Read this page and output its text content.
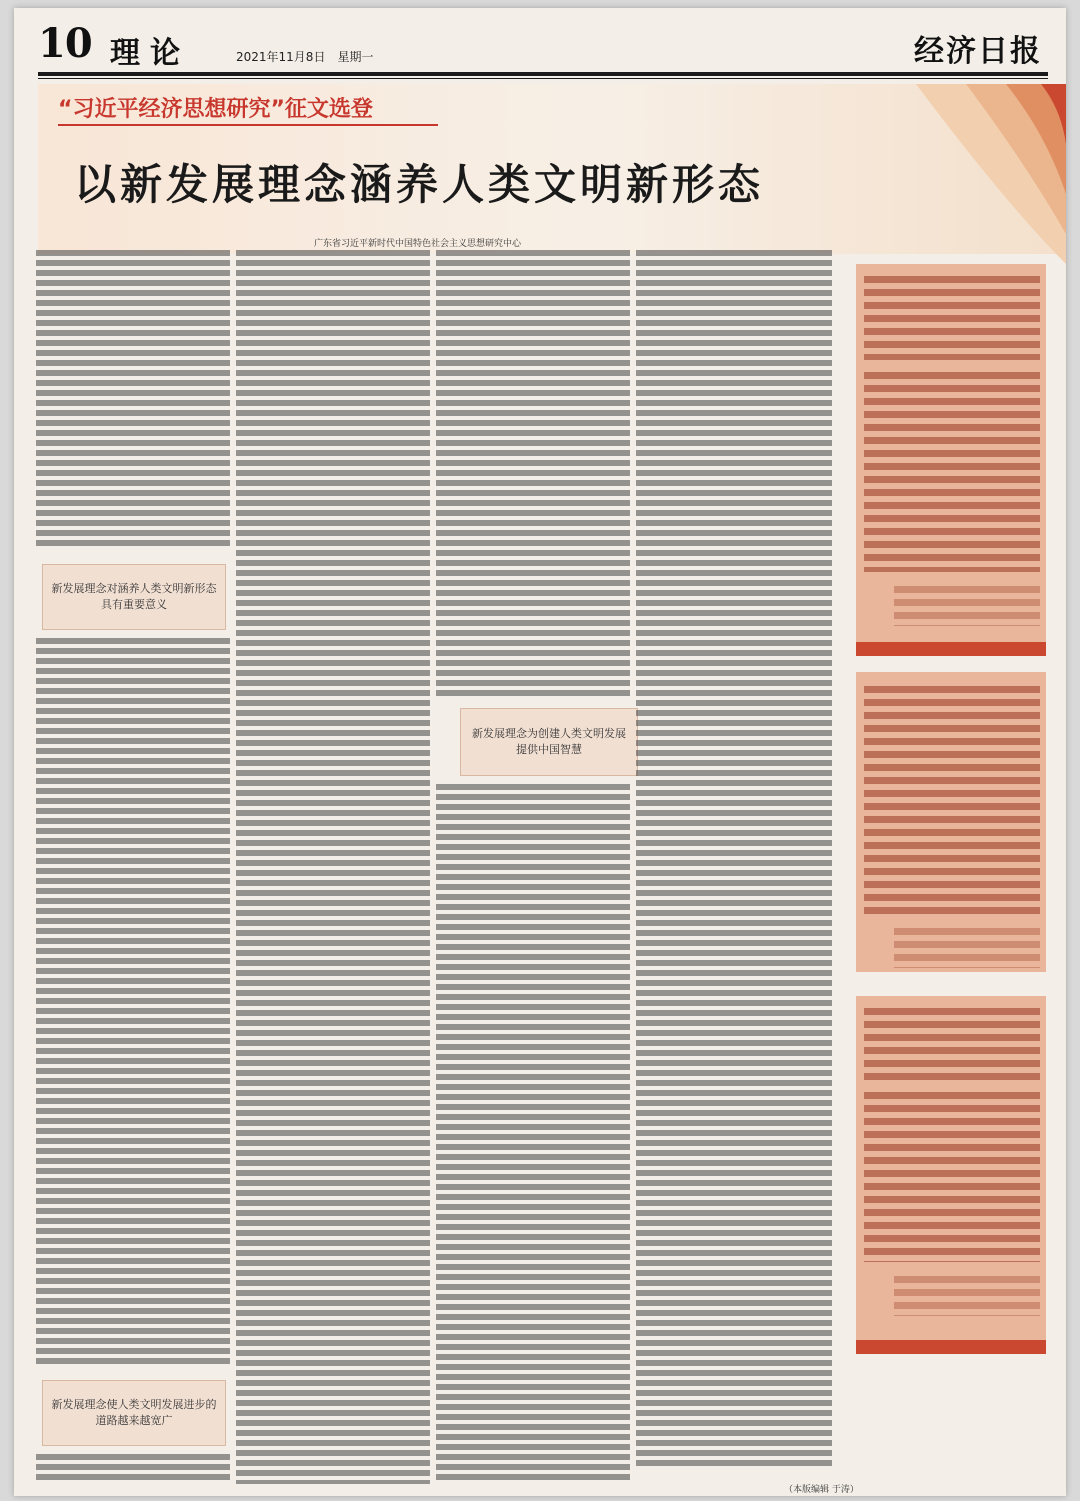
10 理论	2021年11月8日　星期一	经济日报
“习近平经济思想研究”征文选登
以新发展理念涵养人类文明新形态
广东省习近平新时代中国特色社会主义思想研究中心
新发展理念对涵养人类文明新形态具有重要意义
新发展理念使人类文明发展进步的道路越来越宽广
新发展理念为创建人类文明发展提供中国智慧
（本版编辑 于涛）
